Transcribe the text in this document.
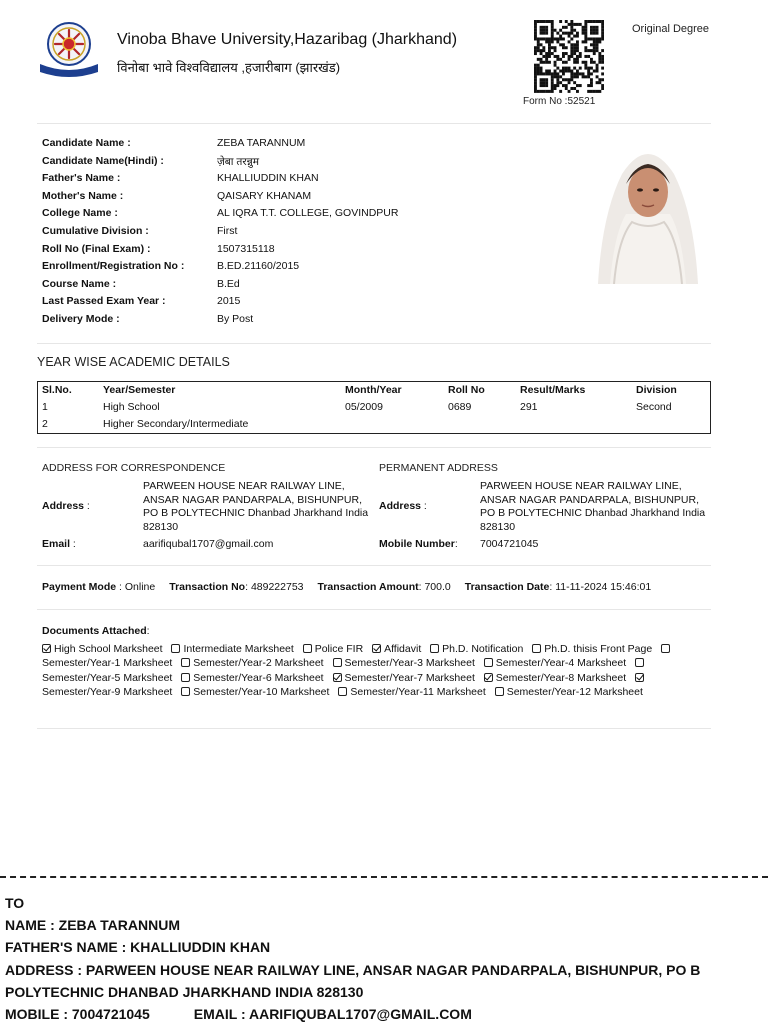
Vinoba Bhave University,Hazaribag (Jharkhand)
विनोबा भावे विश्वविद्यालय ,हजारीबाग (झारखंड)
Form No :52521
Original Degree
Candidate Name :	ZEBA TARANNUM
Candidate Name(Hindi) :	ज़ेबा तरन्नुम
Father's Name :	KHALLIUDDIN KHAN
Mother's Name :	QAISARY KHANAM
College Name :	AL IQRA T.T. COLLEGE, GOVINDPUR
Cumulative Division :	First
Roll No (Final Exam) :	1507315118
Enrollment/Registration No :	B.ED.21160/2015
Course Name :	B.Ed
Last Passed Exam Year :	2015
Delivery Mode :	By Post
YEAR WISE ACADEMIC DETAILS
Sl.No.	Year/Semester	Month/Year	Roll No	Result/Marks	Division
1	High School	05/2009	0689	291	Second
2	Higher Secondary/Intermediate
ADDRESS FOR CORRESPONDENCE
Address :
PARWEEN HOUSE NEAR RAILWAY LINE, ANSAR NAGAR PANDARPALA, BISHUNPUR, PO B POLYTECHNIC Dhanbad Jharkhand India 828130
Email :	aarifiqubal1707@gmail.com
PERMANENT ADDRESS
Address :
PARWEEN HOUSE NEAR RAILWAY LINE, ANSAR NAGAR PANDARPALA, BISHUNPUR, PO B POLYTECHNIC Dhanbad Jharkhand India 828130
Mobile Number: 7004721045
Payment Mode : Online Transaction No: 489222753 Transaction Amount: 700.0 Transaction Date: 11-11-2024 15:46:01
Documents Attached:
High School Marksheet Intermediate Marksheet Police FIR Affidavit Ph.D. Notification Ph.D. thisis Front Page Semester/Year-1 Marksheet Semester/Year-2 Marksheet Semester/Year-3 Marksheet Semester/Year-4 Marksheet Semester/Year-5 Marksheet Semester/Year-6 Marksheet Semester/Year-7 Marksheet Semester/Year-8 Marksheet Semester/Year-9 Marksheet Semester/Year-10 Marksheet Semester/Year-11 Marksheet Semester/Year-12 Marksheet
TO
NAME : ZEBA TARANNUM
FATHER'S NAME : KHALLIUDDIN KHAN
ADDRESS : PARWEEN HOUSE NEAR RAILWAY LINE, ANSAR NAGAR PANDARPALA, BISHUNPUR, PO B POLYTECHNIC DHANBAD JHARKHAND INDIA 828130
MOBILE : 7004721045	EMAIL : AARIFIQUBAL1707@GMAIL.COM
